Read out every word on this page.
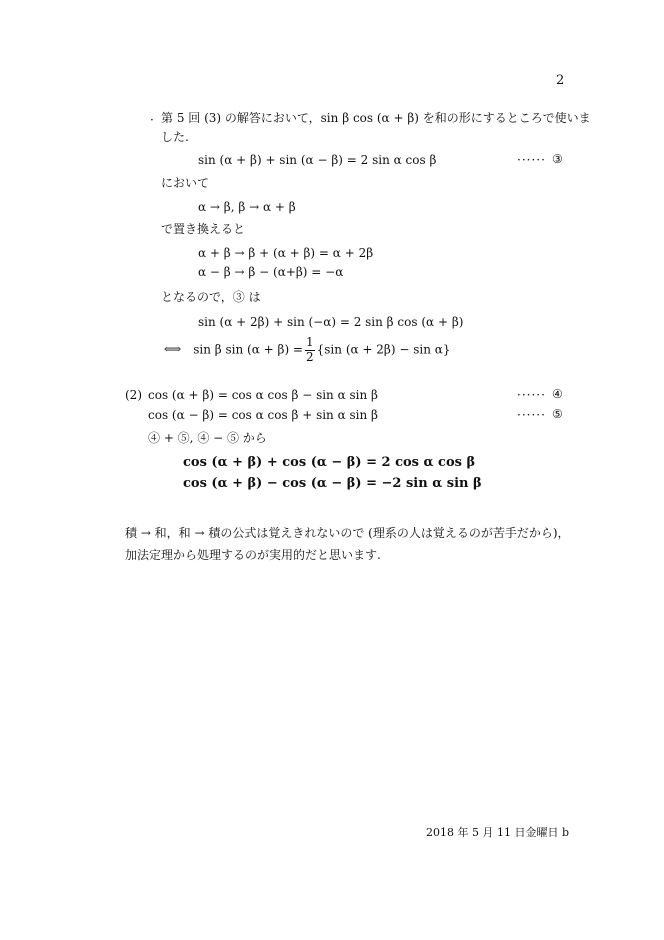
2
· 第 5 回 (3) の解答において，sin β cos (α + β) を和の形にするところで使いま
した.
sin (α + β) + sin (α − β) = 2 sin α cos β	······ ③
において
α → β, β → α + β
で置き換えると
α + β → β + (α + β) = α + 2β
α − β → β − (α+β) = −α
となるので，③ は
sin (α + 2β) + sin (−α) = 2 sin β cos (α + β)
⟺ sin β $\sin (\alpha + \beta) = \frac{1}{2} \{\sin$ (α + 2β) − sin α}
(2) cos (α + β) = cos α cos β − sin α sin β	······ ④
cos (α − β) = cos α cos β + sin α sin β	······ ⑤
④ + ⑤, ④ − ⑤ から
cos (α + β) + cos (α − β) = 2 cos α cos β
cos (α + β) − cos (α − β) = −2 sin α sin β
積 → 和，和 → 積の公式は覚えきれないので (理系の人は覚えるのが苦手だから)，
加法定理から処理するのが実用的だと思います.
2018 年 5 月 11 日金曜日 b
